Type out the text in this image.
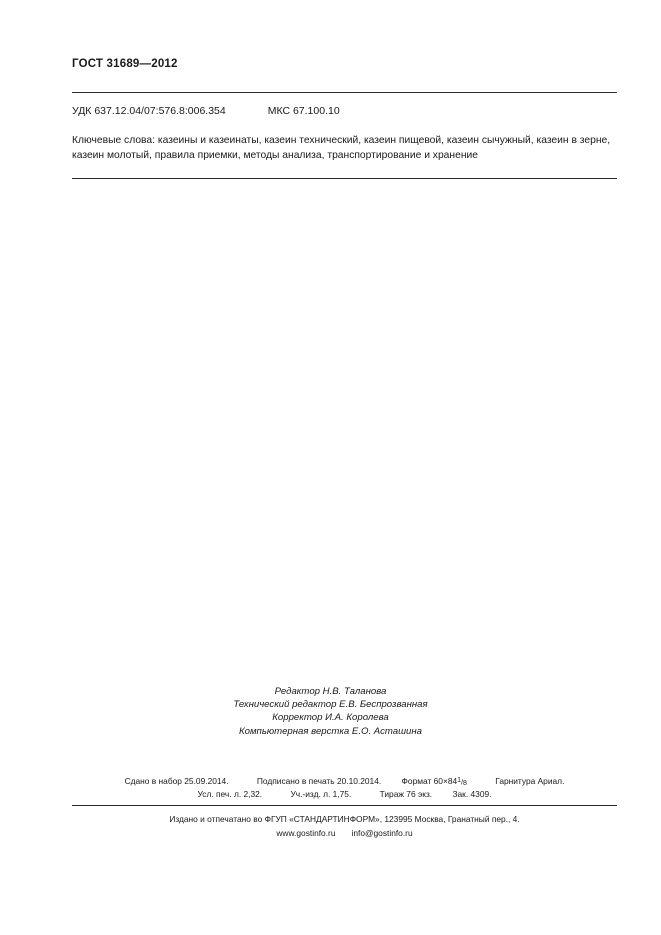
ГОСТ 31689—2012
УДК 637.12.04/07:576.8:006.354	МКС 67.100.10
Ключевые слова: казеины и казеинаты, казеин технический, казеин пищевой, казеин сычужный, казеин в зерне, казеин молотый, правила приемки, методы анализа, транспортирование и хранение
Редактор Н.В. Таланова
Технический редактор Е.В. Беспрозванная
Корректор И.А. Королева
Компьютерная верстка Е.О. Асташина
Сдано в набор 25.09.2014.	Подписано в печать 20.10.2014. Формат $60\times 84^1/_8$	Гарнитура Ариал.
Усл. печ. л. 2,32.	Уч.-изд. л. 1,75.	Тираж 76 экз. Зак. 4309.
Издано и отпечатано во ФГУП «СТАНДАРТИНФОРМ», 123995 Москва, Гранатный пер., 4.
www.gostinfo.ru info@gostinfo.ru
